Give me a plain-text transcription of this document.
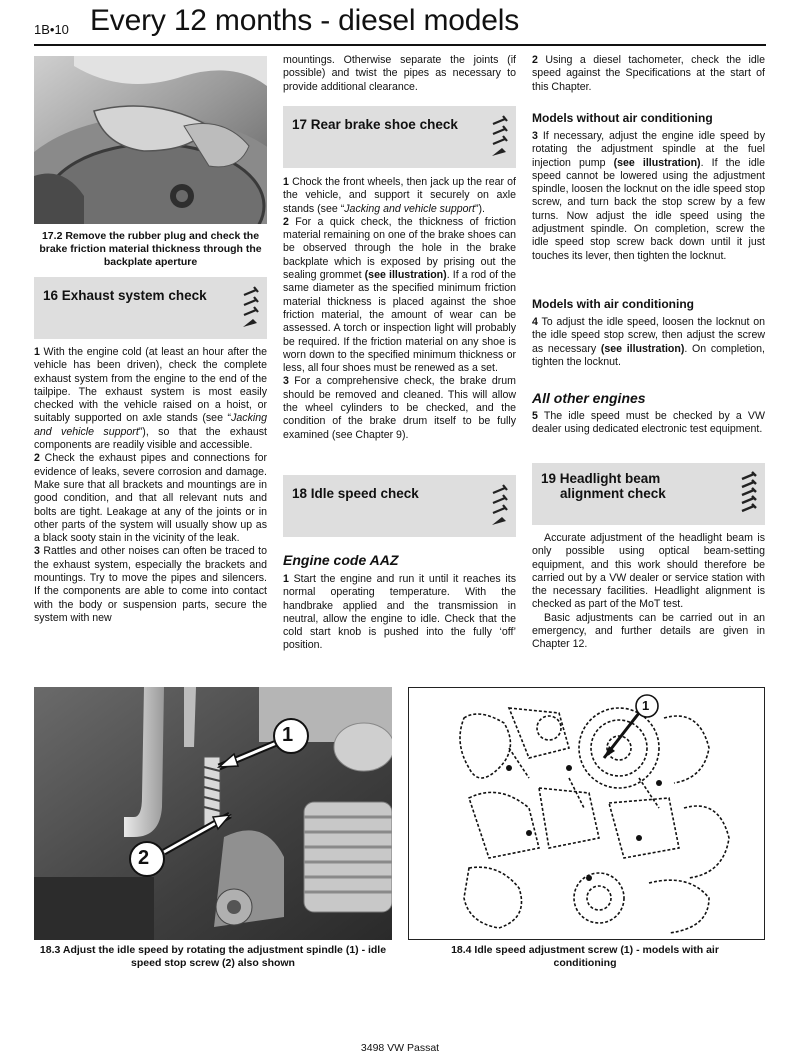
1B•10 Every 12 months - diesel models
17.2 Remove the rubber plug and check the brake friction material thickness through the backplate aperture
16 Exhaust system check

1 With the engine cold (at least an hour after the vehicle has been driven), check the complete exhaust system from the engine to the end of the tailpipe. The exhaust system is most easily checked with the vehicle raised on a hoist, or suitably supported on axle stands (see “Jacking and vehicle support”), so that the exhaust components are readily visible and accessible.

2 Check the exhaust pipes and connections for evidence of leaks, severe corrosion and damage. Make sure that all brackets and mountings are in good condition, and that all relevant nuts and bolts are tight. Leakage at any of the joints or in other parts of the system will usually show up as a black sooty stain in the vicinity of the leak.

3 Rattles and other noises can often be traced to the exhaust system, especially the brackets and mountings. Try to move the pipes and silencers. If the components are able to come into contact with the body or suspension parts, secure the system with new

mountings. Otherwise separate the joints (if possible) and twist the pipes as necessary to provide additional clearance.

17 Rear brake shoe check

1 Chock the front wheels, then jack up the rear of the vehicle, and support it securely on axle stands (see “Jacking and vehicle support”).

2 For a quick check, the thickness of friction material remaining on one of the brake shoes can be observed through the hole in the brake backplate which is exposed by prising out the sealing grommet (see illustration). If a rod of the same diameter as the specified minimum friction material thickness is placed against the shoe friction material, the amount of wear can be assessed. A torch or inspection light will probably be required. If the friction material on any shoe is worn down to the specified minimum thickness or less, all four shoes must be renewed as a set.

3 For a comprehensive check, the brake drum should be removed and cleaned. This will allow the wheel cylinders to be checked, and the condition of the brake drum itself to be fully examined (see Chapter 9).

18 Idle speed check
Engine code AAZ

1 Start the engine and run it until it reaches its normal operating temperature. With the handbrake applied and the transmission in neutral, allow the engine to idle. Check that the cold start knob is pushed into the fully ‘off’ position.

2 Using a diesel tachometer, check the idle speed against the Specifications at the start of this Chapter.

Models without air conditioning

3 If necessary, adjust the engine idle speed by rotating the adjustment spindle at the fuel injection pump (see illustration). If the idle speed cannot be lowered using the adjustment spindle, loosen the locknut on the idle speed stop screw, and turn back the stop screw by a few turns. Now adjust the idle speed using the adjustment spindle. On completion, screw the idle speed stop screw back down until it just touches its lever, then tighten the locknut.

Models with air conditioning

4 To adjust the idle speed, loosen the locknut on the idle speed stop screw, then adjust the screw as necessary (see illustration). On completion, tighten the locknut.

All other engines

5 The idle speed must be checked by a VW dealer using dedicated electronic test equipment.

19 Headlight beam
alignment check

Accurate adjustment of the headlight beam is only possible using optical beam-setting equipment, and this work should therefore be carried out by a VW dealer or service station with the necessary facilities. Headlight alignment is checked as part of the MoT test.

Basic adjustments can be carried out in an emergency, and further details are given in Chapter 12.

1
2
18.3 Adjust the idle speed by rotating the adjustment spindle (1) - idle speed stop screw (2) also shown
1
18.4 Idle speed adjustment screw (1) - models with air conditioning
3498 VW Passat
